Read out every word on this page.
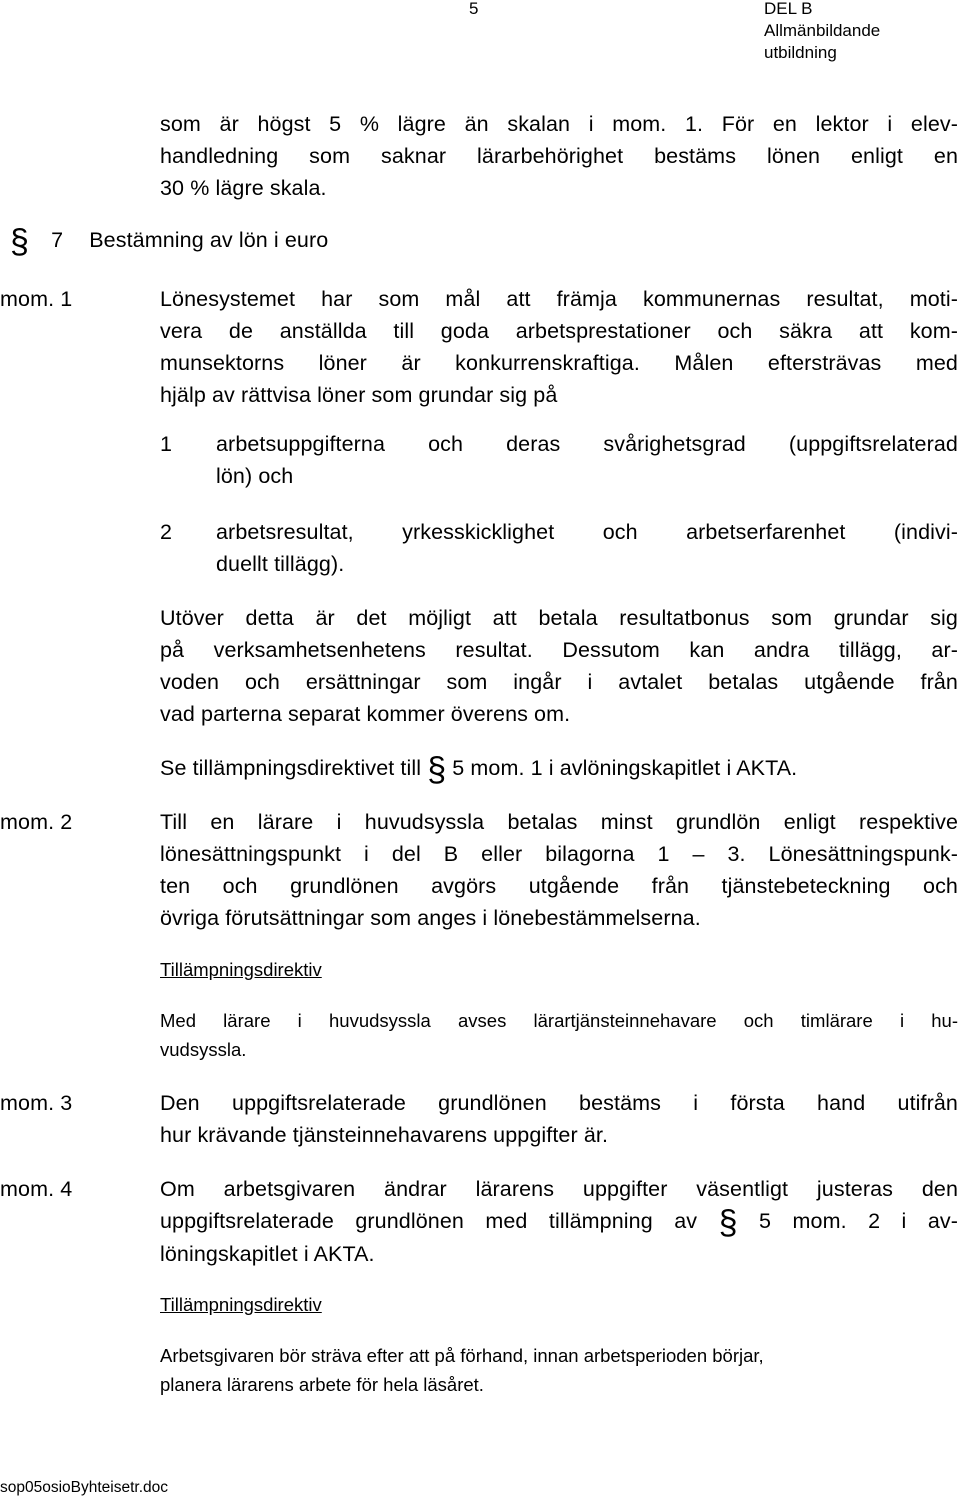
5	DEL B
Allmänbildande
utbildning
som är högst 5 % lägre än skalan i mom. 1. För en lektor i elev-
handledning som saknar lärarbehörighet bestäms lönen enligt en
30 % lägre skala.
§ 7 Bestämning av lön i euro
mom. 1	Lönesystemet har som mål att främja kommunernas resultat, moti-
vera de anställda till goda arbetsprestationer och säkra att kom-
munsektorns löner är konkurrenskraftiga. Målen eftersträvas med
hjälp av rättvisa löner som grundar sig på
1 arbetsuppgifterna och deras svårighetsgrad (uppgiftsrelaterad
lön) och
2 arbetsresultat, yrkesskicklighet och arbetserfarenhet (indivi-
duellt tillägg).
Utöver detta är det möjligt att betala resultatbonus som grundar sig
på verksamhetsenhetens resultat. Dessutom kan andra tillägg, ar-
voden och ersättningar som ingår i avtalet betalas utgående från
vad parterna separat kommer överens om.
Se tillämpningsdirektivet till § 5 mom. 1 i avlöningskapitlet i AKTA.
mom. 2	Till en lärare i huvudsyssla betalas minst grundlön enligt respektive
lönesättningspunkt i del B eller bilagorna 1 – 3. Lönesättningspunk-
ten och grundlönen avgörs utgående från tjänstebeteckning och
övriga förutsättningar som anges i lönebestämmelserna.
Tillämpningsdirektiv
Med lärare i huvudsyssla avses lärartjänsteinnehavare och timlärare i hu-
vudsyssla.
mom. 3	Den uppgiftsrelaterade grundlönen bestäms i första hand utifrån
hur krävande tjänsteinnehavarens uppgifter är.
mom. 4	Om arbetsgivaren ändrar lärarens uppgifter väsentligt justeras den
uppgiftsrelaterade grundlönen med tillämpning av § 5 mom. 2 i av-
löningskapitlet i AKTA.
Tillämpningsdirektiv
Arbetsgivaren bör sträva efter att på förhand, innan arbetsperioden börjar,
planera lärarens arbete för hela läsåret.
sop05osioByhteisetr.doc
